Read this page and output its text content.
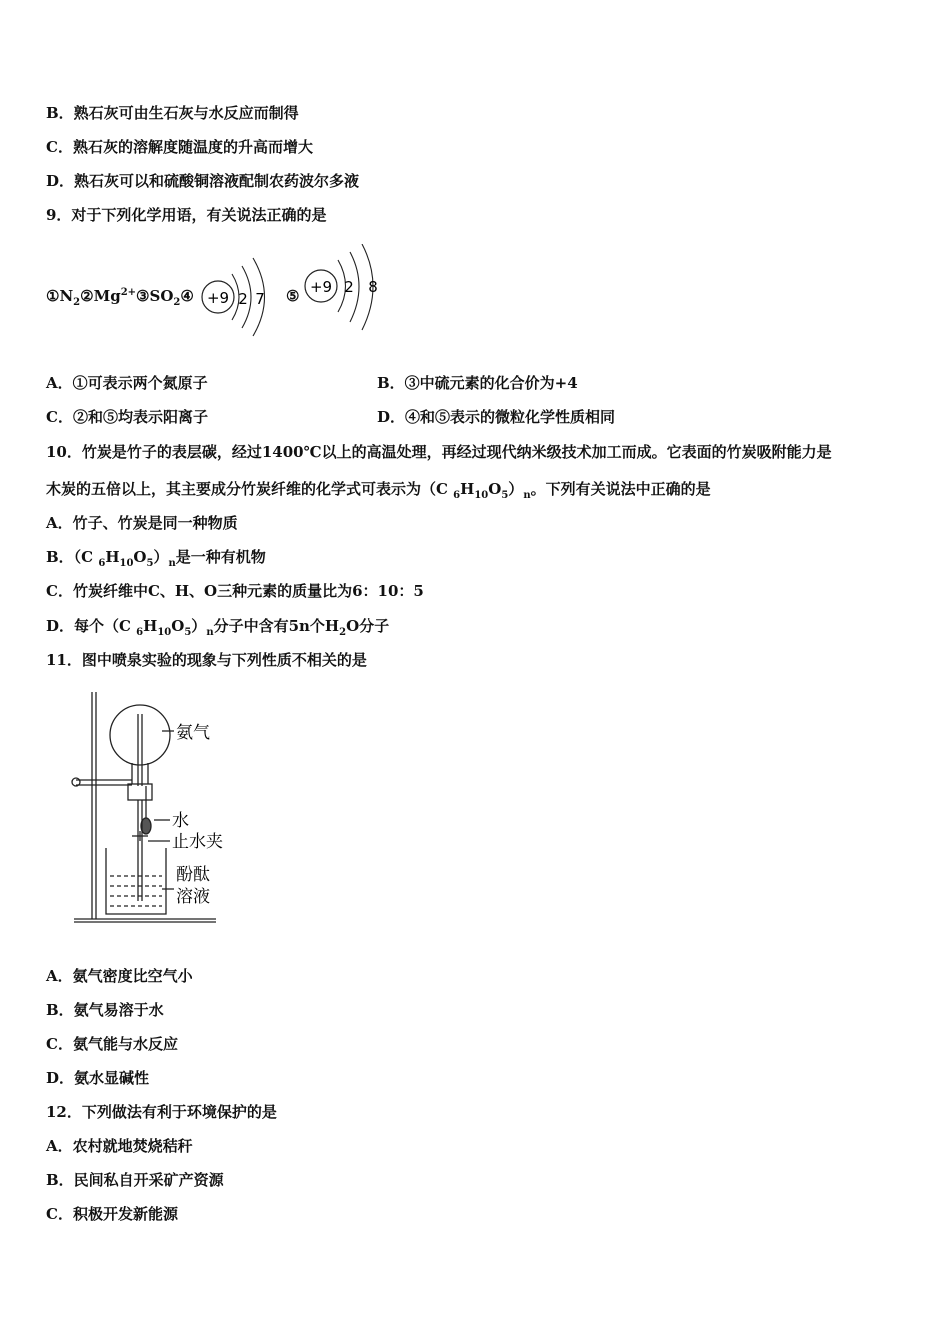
B．熟石灰可由生石灰与水反应而制得
C．熟石灰的溶解度随温度的升高而增大
D．熟石灰可以和硫酸铜溶液配制农药波尔多液
9．对于下列化学用语，有关说法正确的是
$①N_2②Mg^{2+}③SO_2④ +9$ 2 7 ⑤ +9 2 8
A．①可表示两个氮原子	B．③中硫元素的化合价为+4
C．②和⑤均表示阳离子	D．④和⑤表示的微粒化学性质相同
10．竹炭是竹子的表层碳，经过1400℃以上的高温处理，再经过现代纳米级技术加工而成。它表面的竹炭吸附能力是
木炭的五倍以上，其主要成分竹炭纤维的化学式可表示为（C $_6H_{10}O_5)_n$。下列有关说法中正确的是
A．竹子、竹炭是同一种物质
B．（C $_6H_{10}O_5)_n$是一种有机物
C．竹炭纤维中C、H、O三种元素的质量比为6：10：5
D．每个（C $_6H_{10}O_5)_n$分子中含有5n个$H_2O$分子
11．图中喷泉实验的现象与下列性质不相关的是
氨气
水
止水夹
酚酞
溶液
A．氨气密度比空气小
B．氨气易溶于水
C．氨气能与水反应
D．氨水显碱性
12．下列做法有利于环境保护的是
A．农村就地焚烧秸秆
B．民间私自开采矿产资源
C．积极开发新能源
